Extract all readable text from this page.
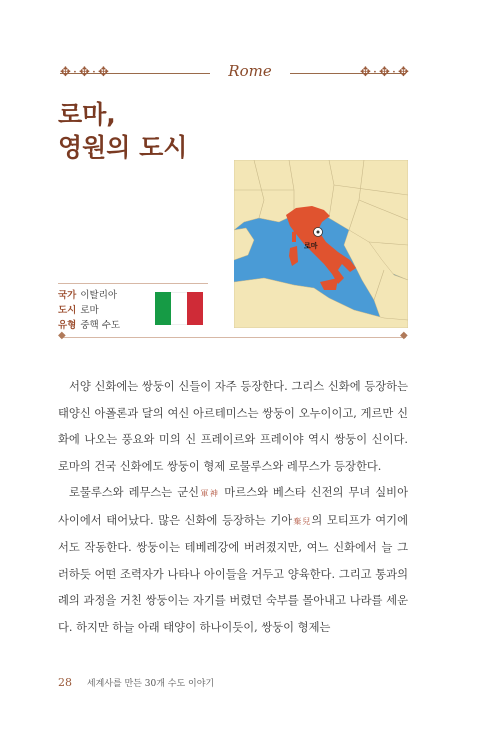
✥·✥·✥	✥·✥·✥
Rome
로마,
영원의 도시
로마
국가 이탈리아
도시 로마
유형 중핵 수도
◆	◆

서양 신화에는 쌍둥이 신들이 자주 등장한다. 그리스 신화에 등장하는 태양신 아폴론과 달의 여신 아르테미스는 쌍둥이 오누이이고, 게르만 신화에 나오는 풍요와 미의 신 프레이르와 프레이야 역시 쌍둥이 신이다. 로마의 건국 신화에도 쌍둥이 형제 로물루스와 레무스가 등장한다.

로물루스와 레무스는 군신軍神 마르스와 베스타 신전의 무녀 실비아 사이에서 태어났다. 많은 신화에 등장하는 기아棄兒의 모티프가 여기에서도 작동한다. 쌍둥이는 테베레강에 버려졌지만, 여느 신화에서 늘 그러하듯 어떤 조력자가 나타나 아이들을 거두고 양육한다. 그리고 통과의례의 과정을 거친 쌍둥이는 자기를 버렸던 숙부를 몰아내고 나라를 세운다. 하지만 하늘 아래 태양이 하나이듯이, 쌍둥이 형제는

28 세계사를 만든 30개 수도 이야기
